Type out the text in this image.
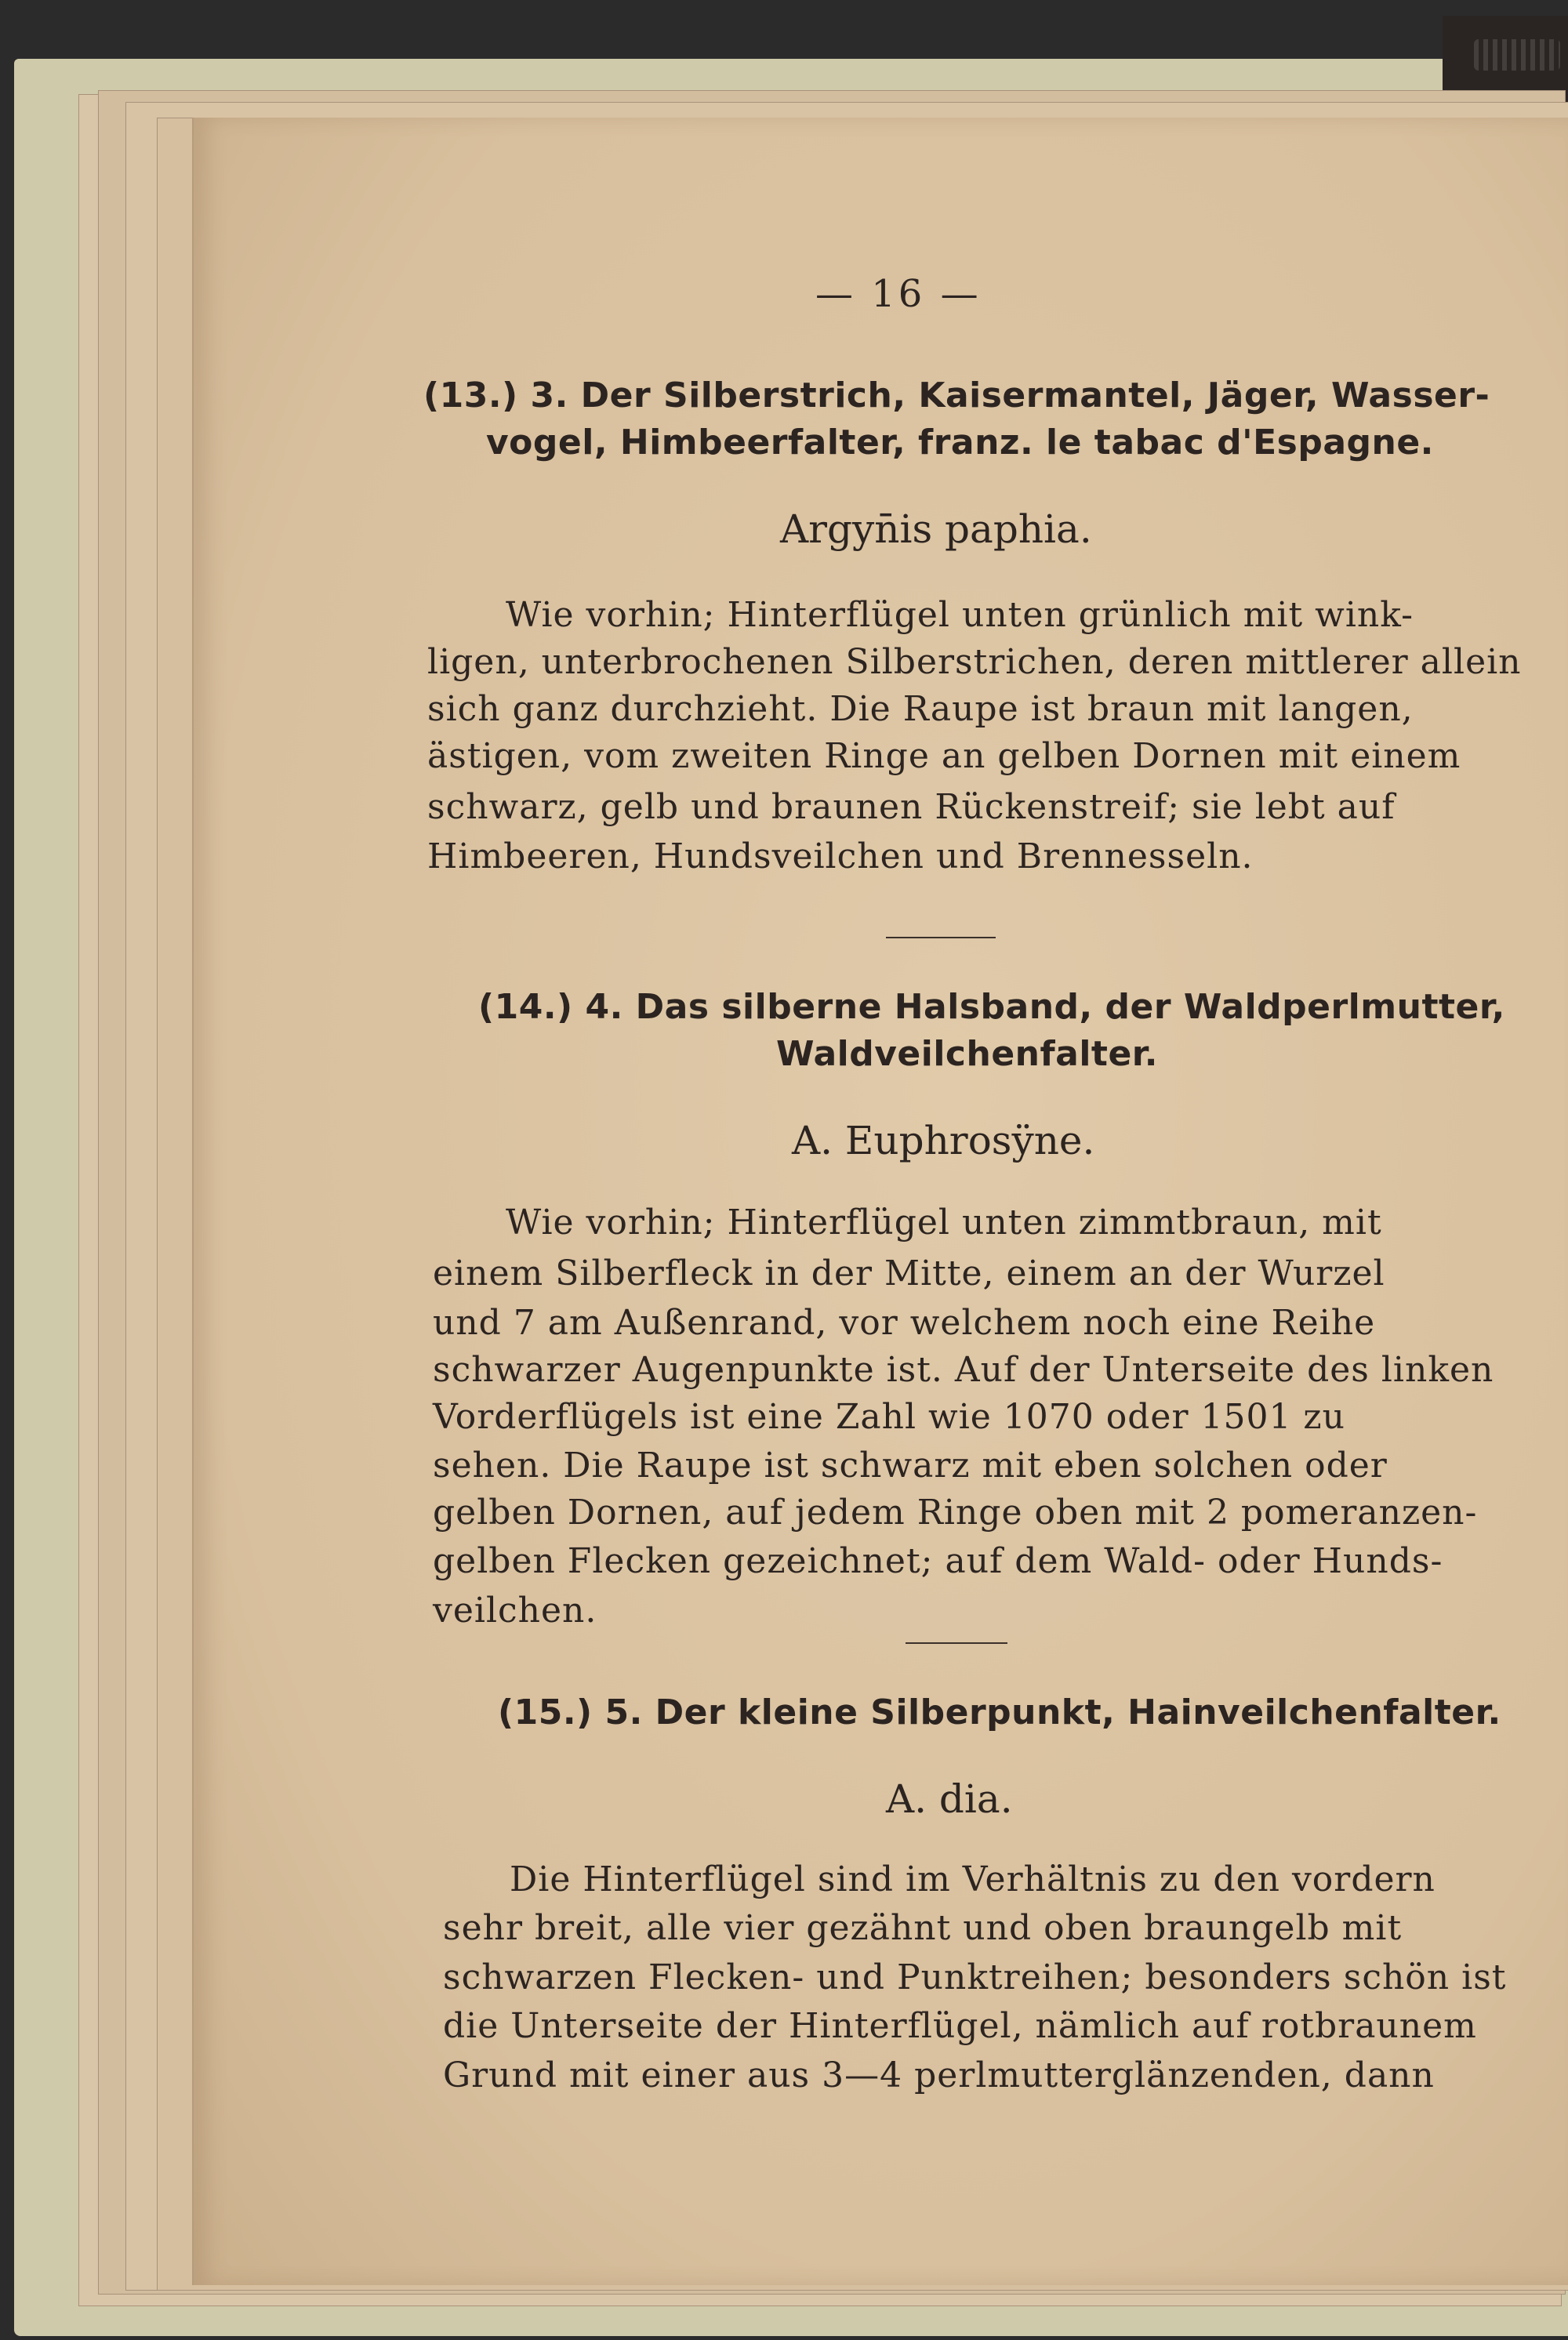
— 16 —
(13.) 3. Der Silberstrich, Kaisermantel, Jäger, Wasser-
vogel, Himbeerfalter, franz. le tabac d'Espagne.
Argyn̄is paphia.
Wie vorhin; Hinterflügel unten grünlich mit wink-
ligen, unterbrochenen Silberstrichen, deren mittlerer allein
sich ganz durchzieht. Die Raupe ist braun mit langen,
ästigen, vom zweiten Ringe an gelben Dornen mit einem
schwarz, gelb und braunen Rückenstreif; sie lebt auf
Himbeeren, Hundsveilchen und Brennesseln.
(14.) 4. Das silberne Halsband, der Waldperlmutter,
Waldveilchenfalter.
A. Euphrosÿne.
Wie vorhin; Hinterflügel unten zimmtbraun, mit
einem Silberfleck in der Mitte, einem an der Wurzel
und 7 am Außenrand, vor welchem noch eine Reihe
schwarzer Augenpunkte ist. Auf der Unterseite des linken
Vorderflügels ist eine Zahl wie 1070 oder 1501 zu
sehen. Die Raupe ist schwarz mit eben solchen oder
gelben Dornen, auf jedem Ringe oben mit 2 pomeranzen-
gelben Flecken gezeichnet; auf dem Wald- oder Hunds-
veilchen.
(15.) 5. Der kleine Silberpunkt, Hainveilchenfalter.
A. dia.
Die Hinterflügel sind im Verhältnis zu den vordern
sehr breit, alle vier gezähnt und oben braungelb mit
schwarzen Flecken- und Punktreihen; besonders schön ist
die Unterseite der Hinterflügel, nämlich auf rotbraunem
Grund mit einer aus 3—4 perlmutterglänzenden, dann
